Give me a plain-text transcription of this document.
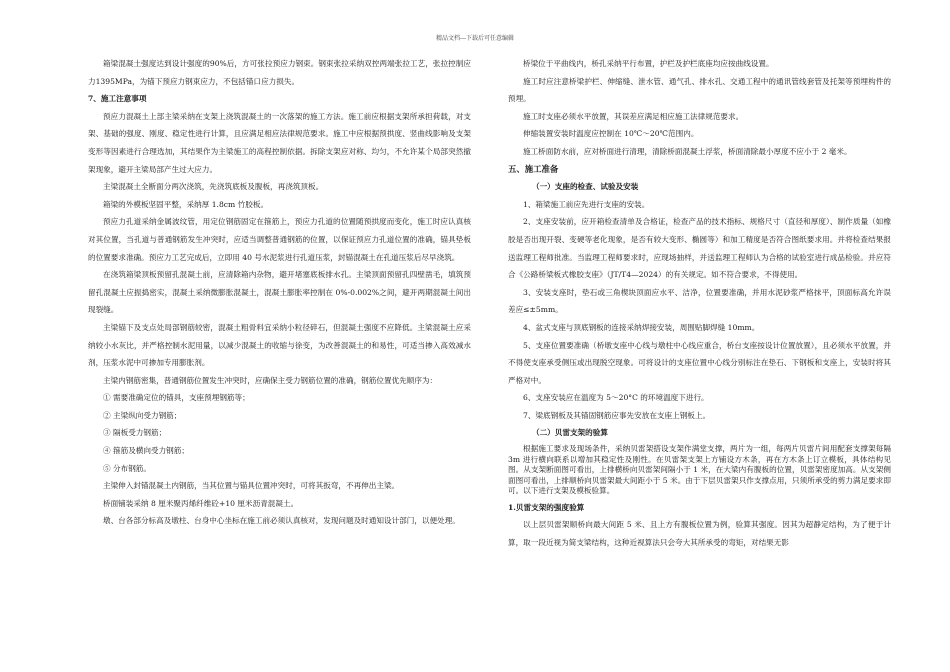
精品文档---下载后可任意编辑

箱梁混凝土强度达到设计强度的90%后，方可张拉预应力钢束。钢束张拉采纳双控两端张拉工艺，张拉控制应力1395MPa，为锚下预应力钢束应力，不包括锚口应力损失。

7、施工注意事项

预应力混凝土上部主梁采纳在支架上浇筑混凝土的一次落架的施工方法。施工前应根据支架所承担荷载，对支架、基础的强度、刚度、稳定性进行计算，且应满足相应法律规范要求。施工中应根据预拱度、竖曲线影响及支架变形等因素进行合理选加，其结果作为主梁施工的高程控制依据。拆除支架应对称、均匀，不允许某个局部突然撤架现象，避开主梁局部产生过大应力。

主梁混凝土全断面分两次浇筑，先浇筑底板及腹板，再浇筑顶板。

箱梁的外模板坚固平整，采纳厚 1.8cm 竹胶板。

预应力孔道采纳金属波纹管，用定位钢筋固定在箍筋上，预应力孔道的位置随预拱度而变化，施工时应认真核对其位置，当孔道与普通钢筋发生冲突时，应适当调整普通钢筋的位置，以保证预应力孔道位置的准确，锚具垫板的位置要求准确。预应力工艺完成后，立即用 40 号水泥浆进行孔道压浆，封锚混凝土在孔道压浆后尽早浇筑。

在浇筑箱梁顶板预留孔混凝土前，应清除箱内杂物，避开堵塞底板排水孔。主梁顶面预留孔四壁凿毛，填筑预留孔混凝土应振捣密实，混凝土采纳微膨胀混凝土，混凝土膨胀率控制在 0%-0.002%之间，避开两期混凝土间出现裂缝。

主梁锚下及支点处局部钢筋较密，混凝土粗骨料宜采纳小粒径碎石，但混凝土强度不应降低。主梁混凝土应采纳较小水灰比，并严格控制水泥用量，以减少混凝土的收缩与徐变，为改善混凝土的和易性，可适当掺入高效减水剂，压浆水泥中可掺加专用膨胀剂。

主梁内钢筋密集，普通钢筋位置发生冲突时，应确保主受力钢筋位置的准确，钢筋位置优先顺序为：

① 需要准确定位的锚具，支座预埋钢筋等；

② 主梁纵向受力钢筋；

③ 隔板受力钢筋；

④ 箍筋及横向受力钢筋；

⑤ 分布钢筋。

主梁伸入封锚混凝土内钢筋，当其位置与锚具位置冲突时，可将其扳弯，不再伸出主梁。

桥面铺装采纳 8 厘米聚丙烯纤维砼+10 厘米沥青混凝土。

墩、台各部分标高及墩柱、台身中心坐标在施工前必须认真核对，发现问题及时通知设计部门，以便处理。

桥梁位于平曲线内，桥孔采纳平行布置，护栏及护栏底座均应按曲线设置。

施工时应注意桥梁护栏、伸缩缝、泄水管、通气孔、排水孔、交通工程中的通讯管线套管及托架等预埋构件的预埋。

施工时支座必须水平放置，其误差应满足相应施工法律规范要求。

伸缩装置安装时温度应控制在 10℃～20℃范围内。

施工桥面防水前，应对桥面进行清理，清除桥面混凝土浮浆，桥面清除最小厚度不应小于 2 毫米。

五、施工准备

（一）支座的检查、试验及安装

1、箱梁施工前应先进行支座的安装。

2、支座安装前，应开箱检查清单及合格证，检查产品的技术指标、规格尺寸（直径和厚度）、制作质量（如橡胶是否出现开裂、变硬等老化现象，是否有较大变形、椭圆等）和加工精度是否符合图纸要求用。并将检查结果报送监理工程师批准。当监理工程师要求时，应现场抽样，并送监理工程师认为合格的试验室进行成品检验。并应符合《公路桥梁板式橡胶支座》（JT/T4—2024）的有关规定。如不符合要求，不得使用。

3、安装支座时，垫石或三角楔块顶面应水平、洁净，位置要准确，并用水泥砂浆严格抹平，顶面标高允许误差应≤±5mm。

4、盆式支座与顶底钢板的连接采纳焊接安装，周围贴脚焊缝 10mm。

5、支座位置要准确（桥墩支座中心线与墩柱中心线应重合，桥台支座按设计位置放置），且必须水平放置，并不得使支座承受侧压或出现脱空现象。可将设计的支座位置中心线分别标注在垫石、下钢板和支座上，安装时将其严格对中。

6、支座安装应在温度为 5～20°C 的环境温度下进行。

7、梁底钢板及其锚固钢筋应事先安放在支座上钢板上。

（二）贝雷支架的验算

根据施工要求及现场条件，采纳贝雷架搭设支架作满堂支撑，两片为一组，每两片贝雷片间用配套支撑架每隔 3m 进行横向联系以增加其稳定性及刚性。在贝雷架支架上方铺设方木条，再在方木条上订立模板，具体结构见图。从支架断面图可看出，上排横桥向贝雷架间隔小于 1 米，在大梁内有腹板的位置，贝雷架密度加高。从支架侧面图可看出，上排顺桥向贝雷架最大间距小于 5 米。由于下层贝雷架只作支撑点用，只须所承受的剪力满足要求即可。以下进行支架及模板验算。

1.贝雷支架的强度验算

以上层贝雷架顺桥向最大间距 5 米、且上方有腹板位置为例，验算其强度。因其为超静定结构，为了便于计算，取一段近视为简支梁结构，这种近视算法只会夸大其所承受的弯矩，对结果无影
